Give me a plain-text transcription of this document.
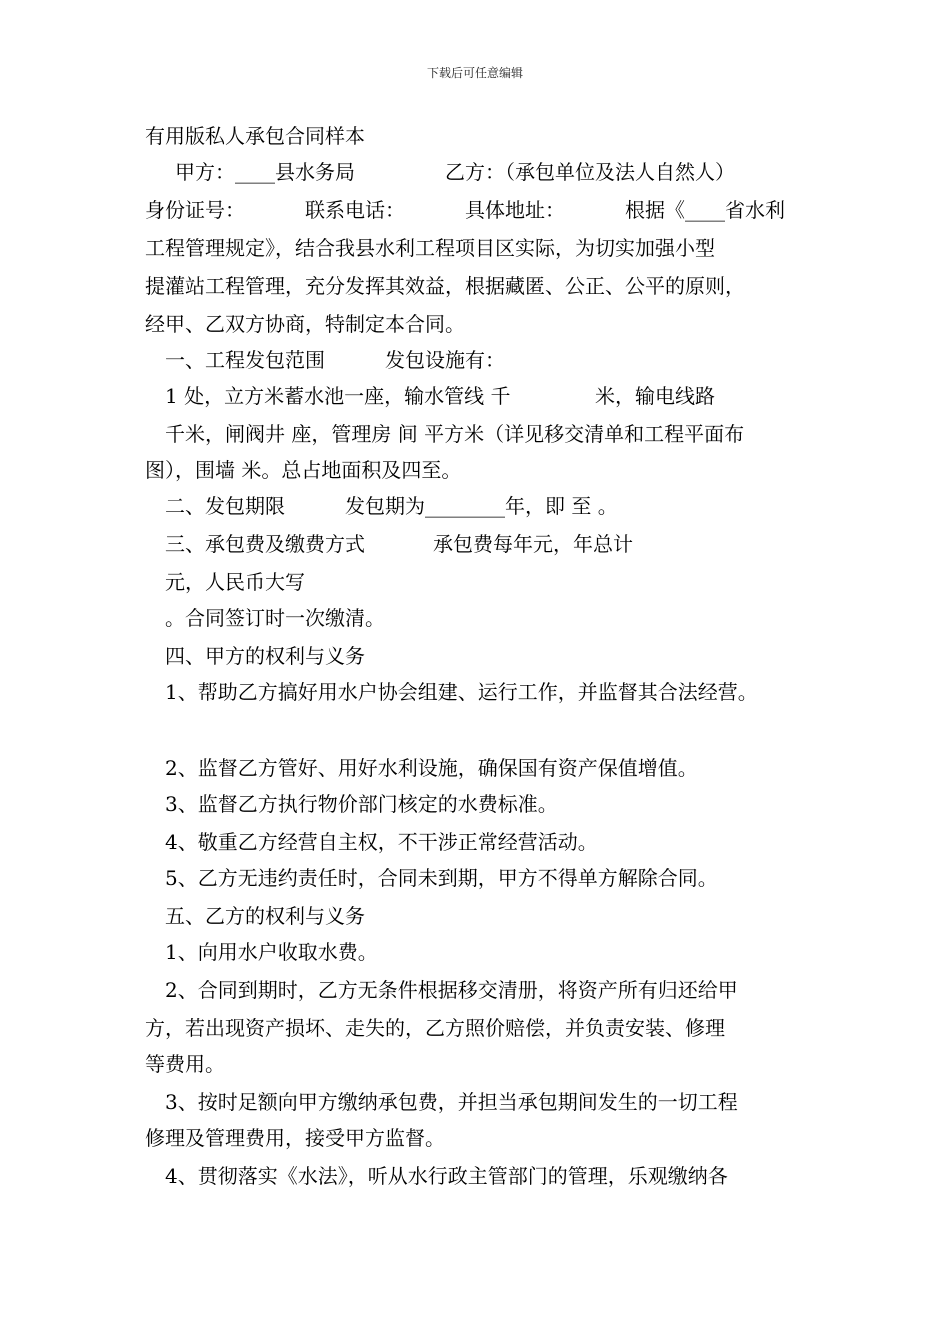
下载后可任意编辑
有用版私人承包合同样本
甲方：____县水务局	乙方：（承包单位及法人自然人）
身份证号：	联系电话：	具体地址：	根据《____省水利
工程管理规定》，结合我县水利工程项目区实际，为切实加强小型
提灌站工程管理，充分发挥其效益，根据藏匿、公正、公平的原则，
经甲、乙双方协商，特制定本合同。
一、工程发包范围	发包设施有：
1 处，立方米蓄水池一座，输水管线 千	米，输电线路
千米，闸阀井 座，管理房 间 平方米（详见移交清单和工程平面布
图），围墙 米。总占地面积及四至。
二、发包期限	发包期为________年，即 至 。
三、承包费及缴费方式	承包费每年元，年总计
元，人民币大写
。合同签订时一次缴清。
四、甲方的权利与义务
1、帮助乙方搞好用水户协会组建、运行工作，并监督其合法经营。
2、监督乙方管好、用好水利设施，确保国有资产保值增值。
3、监督乙方执行物价部门核定的水费标准。
4、敬重乙方经营自主权，不干涉正常经营活动。
5、乙方无违约责任时，合同未到期，甲方不得单方解除合同。
五、乙方的权利与义务
1、向用水户收取水费。
2、合同到期时，乙方无条件根据移交清册，将资产所有归还给甲
方，若出现资产损坏、走失的，乙方照价赔偿，并负责安装、修理
等费用。
3、按时足额向甲方缴纳承包费，并担当承包期间发生的一切工程
修理及管理费用，接受甲方监督。
4、贯彻落实《水法》，听从水行政主管部门的管理，乐观缴纳各
